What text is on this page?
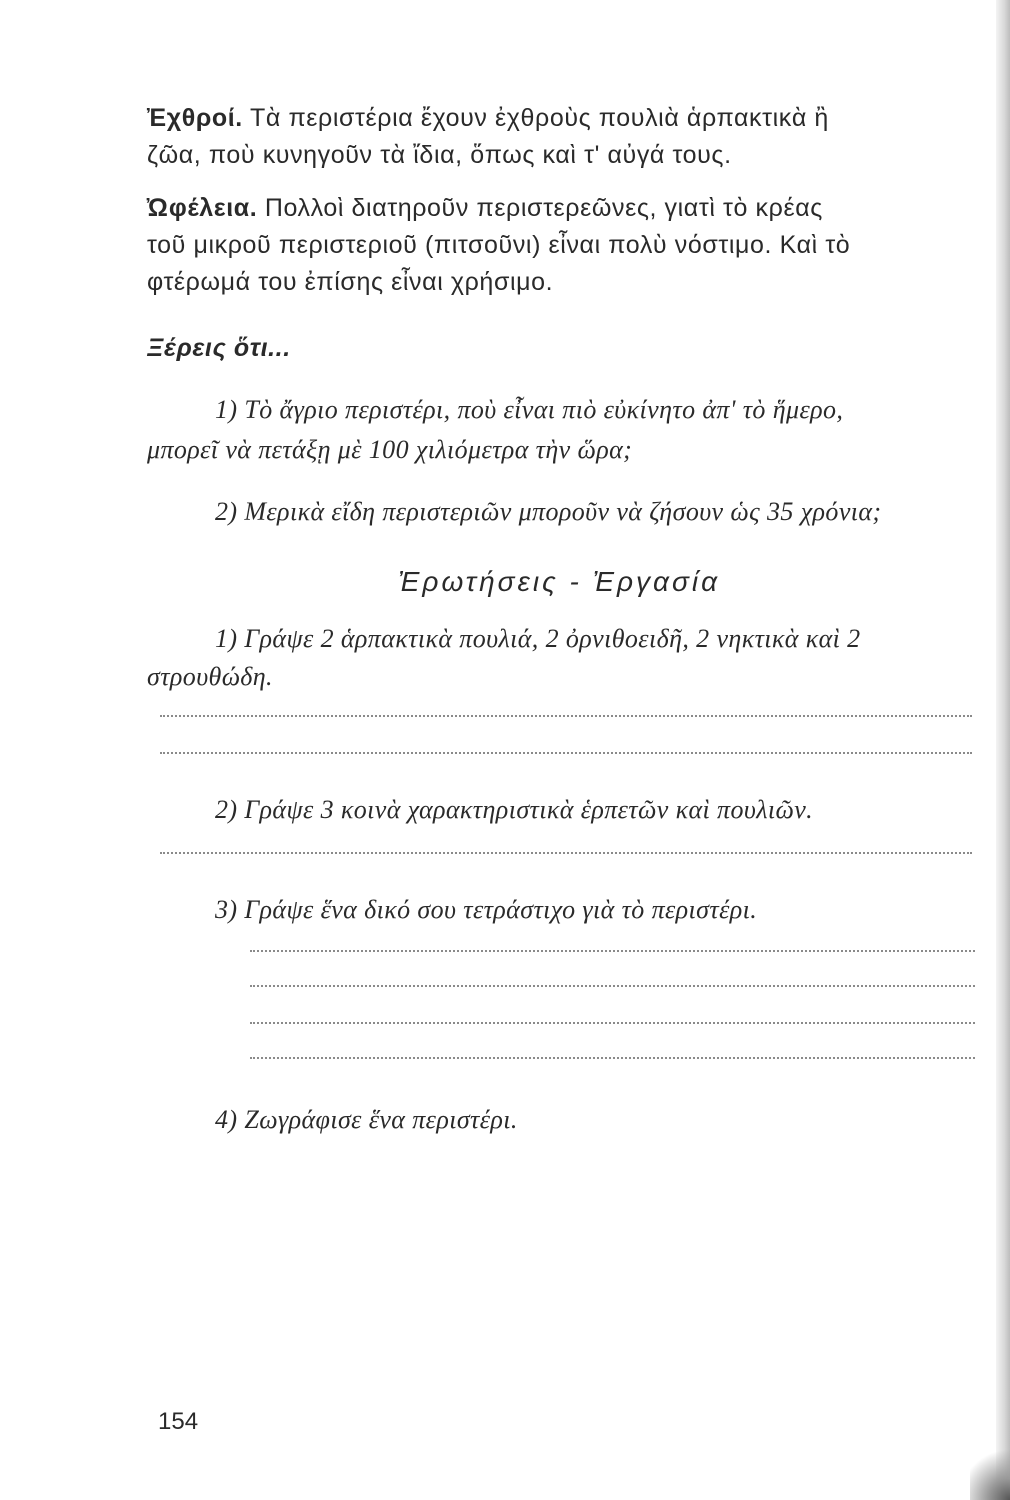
Ἐχθροί. Τὰ περιστέρια ἔχουν ἐχθροὺς πουλιὰ ἁρπακτικὰ ἢ
ζῶα, ποὺ κυνηγοῦν τὰ ἴδια, ὅπως καὶ τ' αὐγά τους.
Ὠφέλεια. Πολλοὶ διατηροῦν περιστερεῶνες, γιατὶ τὸ κρέας
τοῦ μικροῦ περιστεριοῦ (πιτσοῦνι) εἶναι πολὺ νόστιμο. Καὶ τὸ
φτέρωμά του ἐπίσης εἶναι χρήσιμο.
Ξέρεις ὅτι...
1) Τὸ ἄγριο περιστέρι, ποὺ εἶναι πιὸ εὐκίνητο ἀπ' τὸ ἥμερο,
μπορεῖ νὰ πετάξῃ μὲ 100 χιλιόμετρα τὴν ὥρα;
2) Μερικὰ εἴδη περιστεριῶν μποροῦν νὰ ζήσουν ὡς 35 χρόνια;
Ἐρωτήσεις - Ἐργασία
1) Γράψε 2 ἁρπακτικὰ πουλιά, 2 ὀρνιθοειδῆ, 2 νηκτικὰ καὶ 2
στρουθώδη.
2) Γράψε 3 κοινὰ χαρακτηριστικὰ ἑρπετῶν καὶ πουλιῶν.
3) Γράψε ἕνα δικό σου τετράστιχο γιὰ τὸ περιστέρι.
4) Ζωγράφισε ἕνα περιστέρι.
154
